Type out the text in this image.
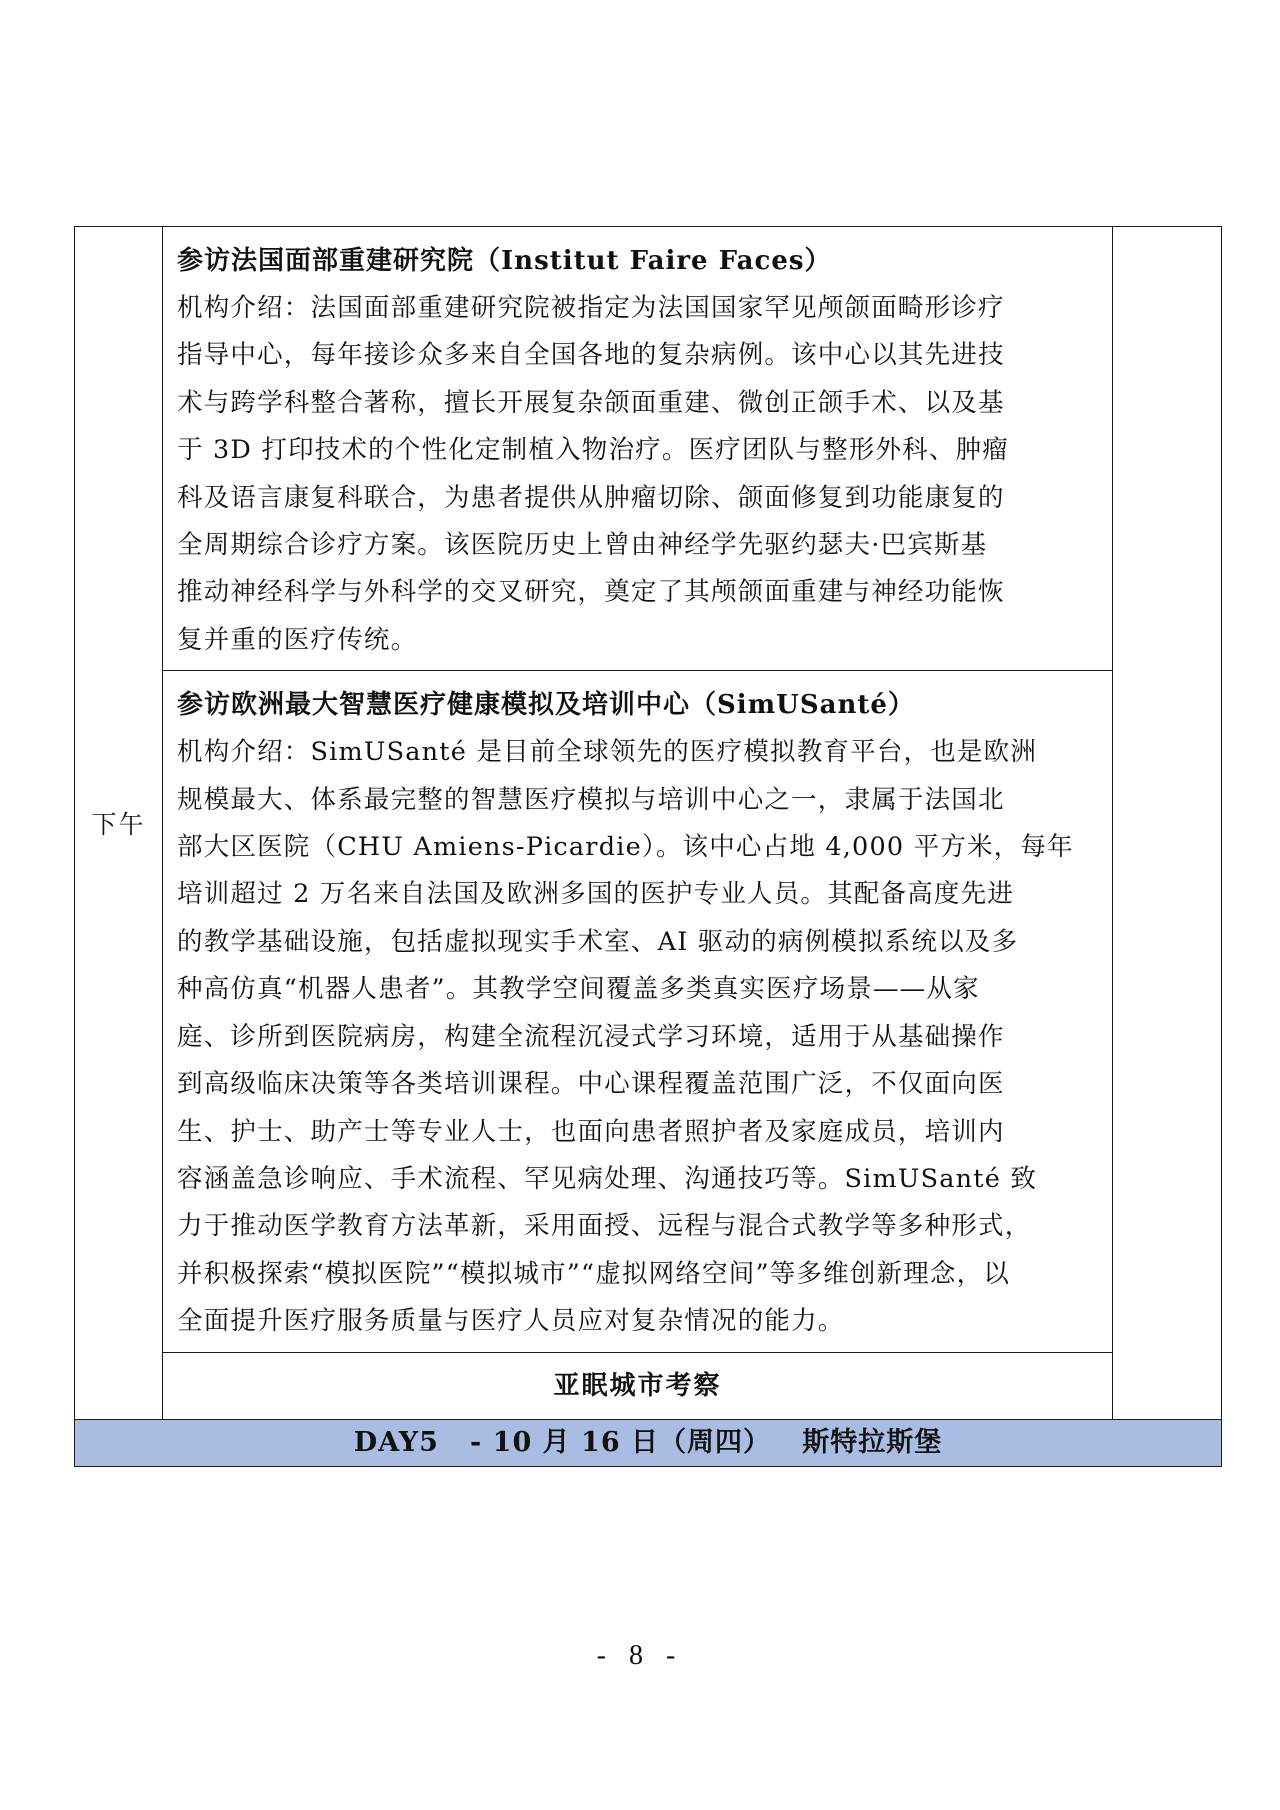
下午	
参访法国面部重建研究院（Institut Faire Faces）
机构介绍：法国面部重建研究院被指定为法国国家罕见颅颌面畸形诊疗
指导中心，每年接诊众多来自全国各地的复杂病例。该中心以其先进技
术与跨学科整合著称，擅长开展复杂颌面重建、微创正颌手术、以及基
于 3D 打印技术的个性化定制植入物治疗。医疗团队与整形外科、肿瘤
科及语言康复科联合，为患者提供从肿瘤切除、颌面修复到功能康复的
全周期综合诊疗方案。该医院历史上曾由神经学先驱约瑟夫·巴宾斯基
推动神经科学与外科学的交叉研究，奠定了其颅颌面重建与神经功能恢
复并重的医疗传统。

参访欧洲最大智慧医疗健康模拟及培训中心（SimUSanté）
机构介绍：SimUSanté 是目前全球领先的医疗模拟教育平台，也是欧洲
规模最大、体系最完整的智慧医疗模拟与培训中心之一，隶属于法国北
部大区医院（CHU Amiens-Picardie）。该中心占地 4,000 平方米，每年
培训超过 2 万名来自法国及欧洲多国的医护专业人员。其配备高度先进
的教学基础设施，包括虚拟现实手术室、AI 驱动的病例模拟系统以及多
种高仿真“机器人患者”。其教学空间覆盖多类真实医疗场景——从家
庭、诊所到医院病房，构建全流程沉浸式学习环境，适用于从基础操作
到高级临床决策等各类培训课程。中心课程覆盖范围广泛，不仅面向医
生、护士、助产士等专业人士，也面向患者照护者及家庭成员，培训内
容涵盖急诊响应、手术流程、罕见病处理、沟通技巧等。SimUSanté 致
力于推动医学教育方法革新，采用面授、远程与混合式教学等多种形式，
并积极探索“模拟医院”“模拟城市”“虚拟网络空间”等多维创新理念，以
全面提升医疗服务质量与医疗人员应对复杂情况的能力。

亚眠城市考察
DAY5   - 10 月 16 日（周四）   斯特拉斯堡
- 8 -
